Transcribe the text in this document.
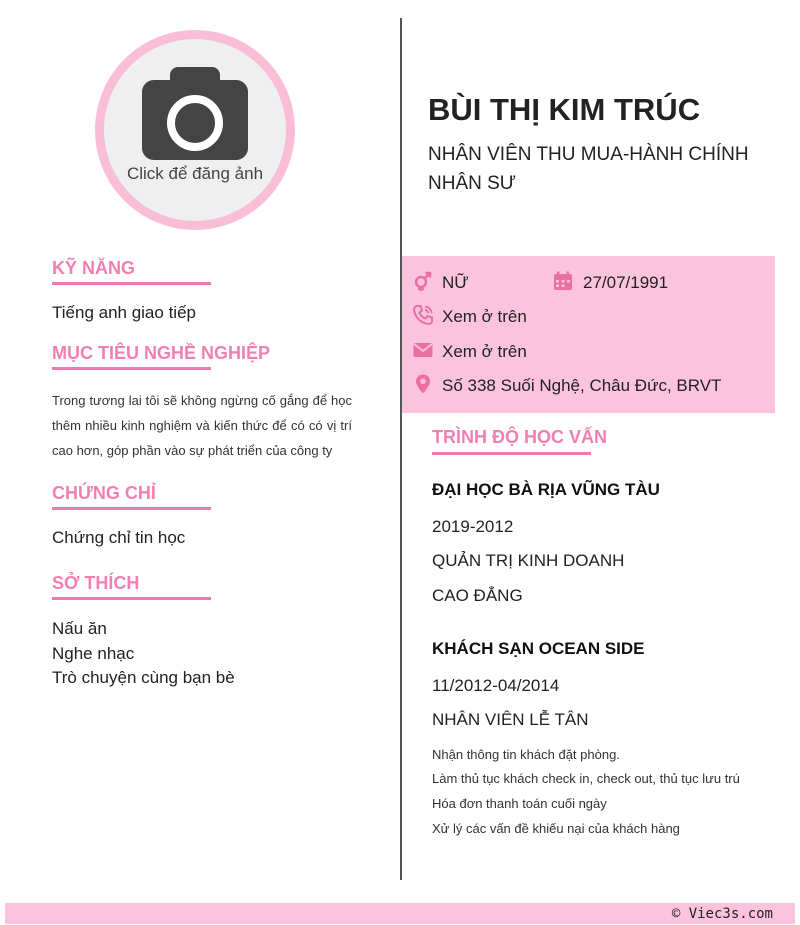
Click để đăng ảnh
KỸ NĂNG
Tiếng anh giao tiếp
MỤC TIÊU NGHỀ NGHIỆP
Trong tương lai tôi sẽ không ngừng cố gắng để học thêm nhiều kinh nghiệm và kiến thức để có có vị trí cao hơn, góp phần vào sự phát triển của công ty
CHỨNG CHỈ
Chứng chỉ tin học
SỞ THÍCH
Nấu ăn
Nghe nhạc
Trò chuyện cùng bạn bè
BÙI THỊ KIM TRÚC
NHÂN VIÊN THU MUA-HÀNH CHÍNH NHÂN SƯ
NỮ	27/07/1991
Xem ở trên
Xem ở trên
Số 338 Suối Nghệ, Châu Đức, BRVT
TRÌNH ĐỘ HỌC VẤN
ĐẠI HỌC BÀ RỊA VŨNG TÀU
2019-2012
QUẢN TRỊ KINH DOANH
CAO ĐẲNG
KHÁCH SẠN OCEAN SIDE
11/2012-04/2014
NHÂN VIÊN LỄ TÂN
Nhận thông tin khách đặt phòng.
Làm thủ tục khách check in, check out, thủ tục lưu trú
Hóa đơn thanh toán cuối ngày
Xử lý các vấn đề khiếu nại của khách hàng
© Viec3s.com
